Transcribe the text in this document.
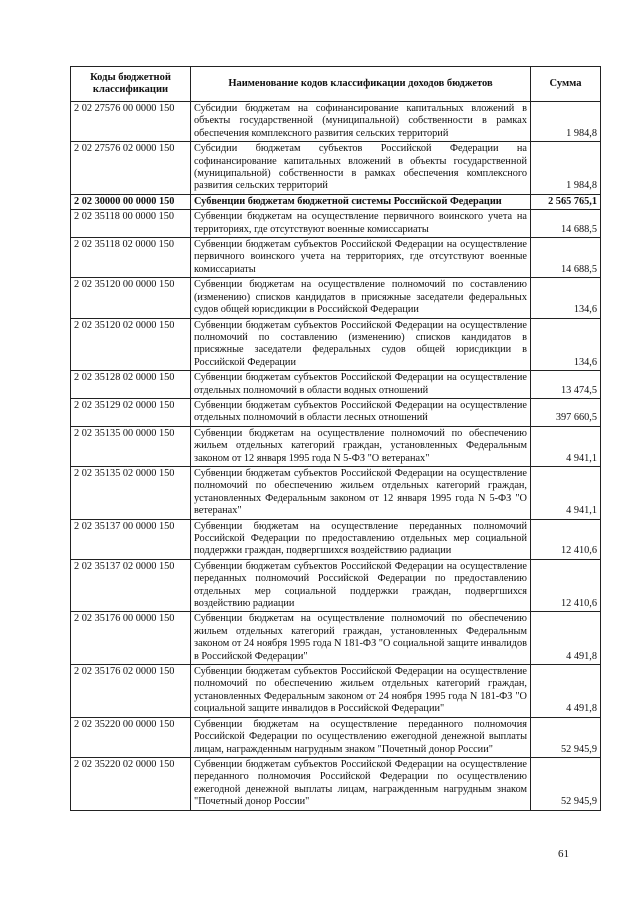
Коды бюджетной классификации	Наименование кодов классификации доходов бюджетов	Сумма
2 02 27576 00 0000 150	Субсидии бюджетам на софинансирование капитальных вложений в объекты государственной (муниципальной) собственности в рамках обеспечения комплексного развития сельских территорий	1 984,8
2 02 27576 02 0000 150	Субсидии бюджетам субъектов Российской Федерации на софинансирование капитальных вложений в объекты государственной (муниципальной) собственности в рамках обеспечения комплексного развития сельских территорий	1 984,8
2 02 30000 00 0000 150	Субвенции бюджетам бюджетной системы Российской Федерации	2 565 765,1
2 02 35118 00 0000 150	Субвенции бюджетам на осуществление первичного воинского учета на территориях, где отсутствуют военные комиссариаты	14 688,5
2 02 35118 02 0000 150	Субвенции бюджетам субъектов Российской Федерации на осуществление первичного воинского учета на территориях, где отсутствуют военные комиссариаты	14 688,5
2 02 35120 00 0000 150	Субвенции бюджетам на осуществление полномочий по составлению (изменению) списков кандидатов в присяжные заседатели федеральных судов общей юрисдикции в Российской Федерации	134,6
2 02 35120 02 0000 150	Субвенции бюджетам субъектов Российской Федерации на осуществление полномочий по составлению (изменению) списков кандидатов в присяжные заседатели федеральных судов общей юрисдикции в Российской Федерации	134,6
2 02 35128 02 0000 150	Субвенции бюджетам субъектов Российской Федерации на осуществление отдельных полномочий в области водных отношений	13 474,5
2 02 35129 02 0000 150	Субвенции бюджетам субъектов Российской Федерации на осуществление отдельных полномочий в области лесных отношений	397 660,5
2 02 35135 00 0000 150	Субвенции бюджетам на осуществление полномочий по обеспечению жильем отдельных категорий граждан, установленных Федеральным законом от 12 января 1995 года N 5-ФЗ "О ветеранах"	4 941,1
2 02 35135 02 0000 150	Субвенции бюджетам субъектов Российской Федерации на осуществление полномочий по обеспечению жильем отдельных категорий граждан, установленных Федеральным законом от 12 января 1995 года N 5-ФЗ "О ветеранах"	4 941,1
2 02 35137 00 0000 150	Субвенции бюджетам на осуществление переданных полномочий Российской Федерации по предоставлению отдельных мер социальной поддержки граждан, подвергшихся воздействию радиации	12 410,6
2 02 35137 02 0000 150	Субвенции бюджетам субъектов Российской Федерации на осуществление переданных полномочий Российской Федерации по предоставлению отдельных мер социальной поддержки граждан, подвергшихся воздействию радиации	12 410,6
2 02 35176 00 0000 150	Субвенции бюджетам на осуществление полномочий по обеспечению жильем отдельных категорий граждан, установленных Федеральным законом от 24 ноября 1995 года N 181-ФЗ "О социальной защите инвалидов в Российской Федерации"	4 491,8
2 02 35176 02 0000 150	Субвенции бюджетам субъектов Российской Федерации на осуществление полномочий по обеспечению жильем отдельных категорий граждан, установленных Федеральным законом от 24 ноября 1995 года N 181-ФЗ "О социальной защите инвалидов в Российской Федерации"	4 491,8
2 02 35220 00 0000 150	Субвенции бюджетам на осуществление переданного полномочия Российской Федерации по осуществлению ежегодной денежной выплаты лицам, награжденным нагрудным знаком "Почетный донор России"	52 945,9
2 02 35220 02 0000 150	Субвенции бюджетам субъектов Российской Федерации на осуществление переданного полномочия Российской Федерации по осуществлению ежегодной денежной выплаты лицам, награжденным нагрудным знаком "Почетный донор России"	52 945,9
61
